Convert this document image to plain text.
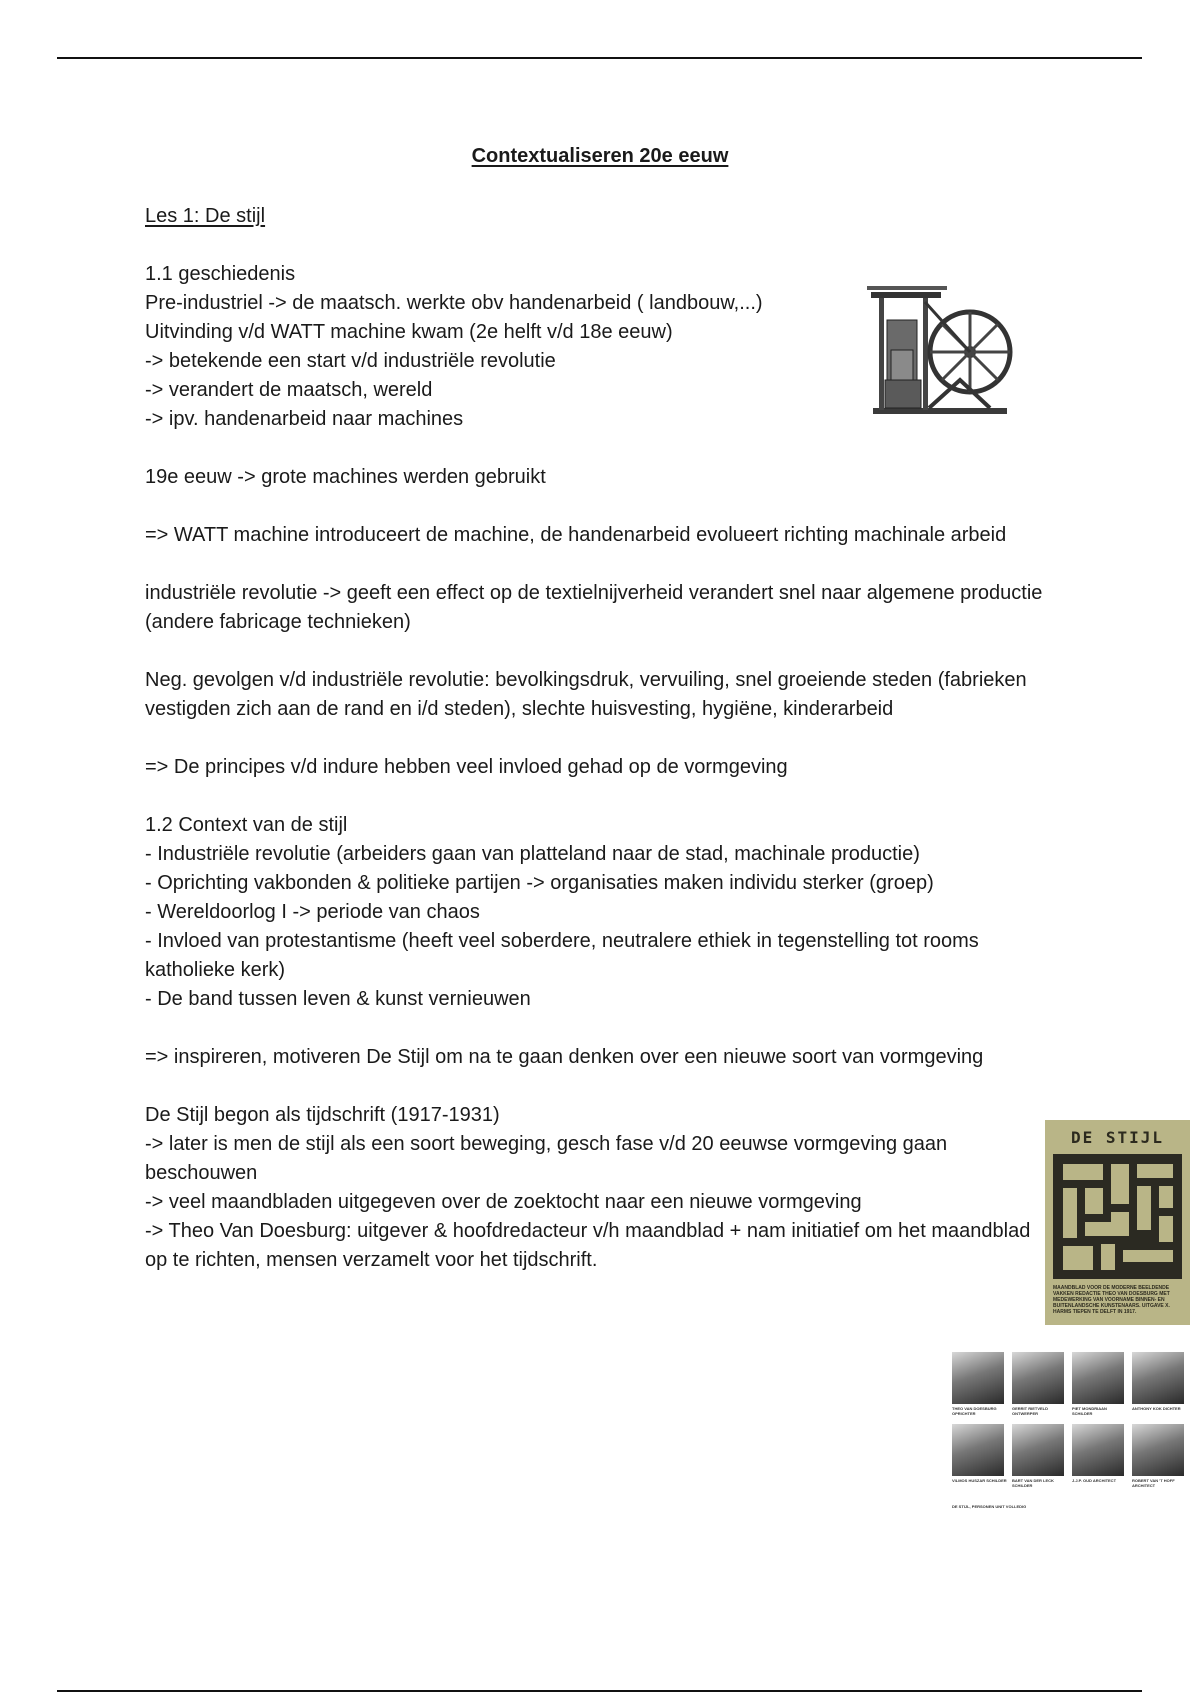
Contextualiseren 20e eeuw

Les 1: De stijl

1.1 geschiedenis

Pre-industriel -> de maatsch. werkte obv handenarbeid ( landbouw,...)

Uitvinding v/d WATT machine kwam (2e helft v/d 18e eeuw)

-> betekende een start v/d industriële revolutie

-> verandert de maatsch, wereld

-> ipv. handenarbeid naar machines

19e eeuw -> grote machines werden gebruikt

=> WATT machine introduceert de machine, de handenarbeid evolueert richting machinale arbeid

industriële revolutie -> geeft een effect op de textielnijverheid verandert snel naar algemene productie (andere fabricage technieken)

Neg. gevolgen v/d industriële revolutie: bevolkingsdruk, vervuiling, snel groeiende steden (fabrieken vestigden zich aan de rand en i/d steden), slechte huisvesting, hygiëne, kinderarbeid

=> De principes v/d indure hebben veel invloed gehad op de vormgeving

1.2 Context van de stijl

- Industriële revolutie (arbeiders gaan van platteland naar de stad, machinale productie)

- Oprichting vakbonden & politieke partijen -> organisaties maken individu sterker (groep)

- Wereldoorlog I -> periode van chaos

- Invloed van protestantisme (heeft veel soberdere, neutralere ethiek in tegenstelling tot rooms katholieke kerk)

- De band tussen leven & kunst vernieuwen

=> inspireren, motiveren De Stijl om na te gaan denken over een nieuwe soort van vormgeving

De Stijl begon als tijdschrift (1917-1931)

-> later is men de stijl als een soort beweging, gesch fase v/d 20 eeuwse vormgeving gaan beschouwen

-> veel maandbladen uitgegeven over de zoektocht naar een nieuwe vormgeving

-> Theo Van Doesburg: uitgever & hoofdredacteur v/h maandblad + nam initiatief om het maandblad op te richten, mensen verzamelt voor het tijdschrift.

DE STIJL
MAANDBLAD VOOR DE MODERNE BEELDENDE VAKKEN REDACTIE THEO VAN DOESBURG MET MEDEWERKING VAN VOORNAME BINNEN- EN BUITENLANDSCHE KUNSTENAARS. UITGAVE X. HARMS TIEPEN TE DELFT IN 1917.
THEO VAN DOESBURG OPRICHTER
GERRIT RIETVELD ONTWERPER
PIET MONDRIAAN SCHILDER
ANTHONY KOK DICHTER
VILMOS HUSZAR SCHILDER	BART VAN DER LECK SCHILDER
J.J.P. OUD ARCHITECT	ROBERT VAN 'T HOFF ARCHITECT
DE STIJL, PERSONEN UNIT VOLLEDIG
